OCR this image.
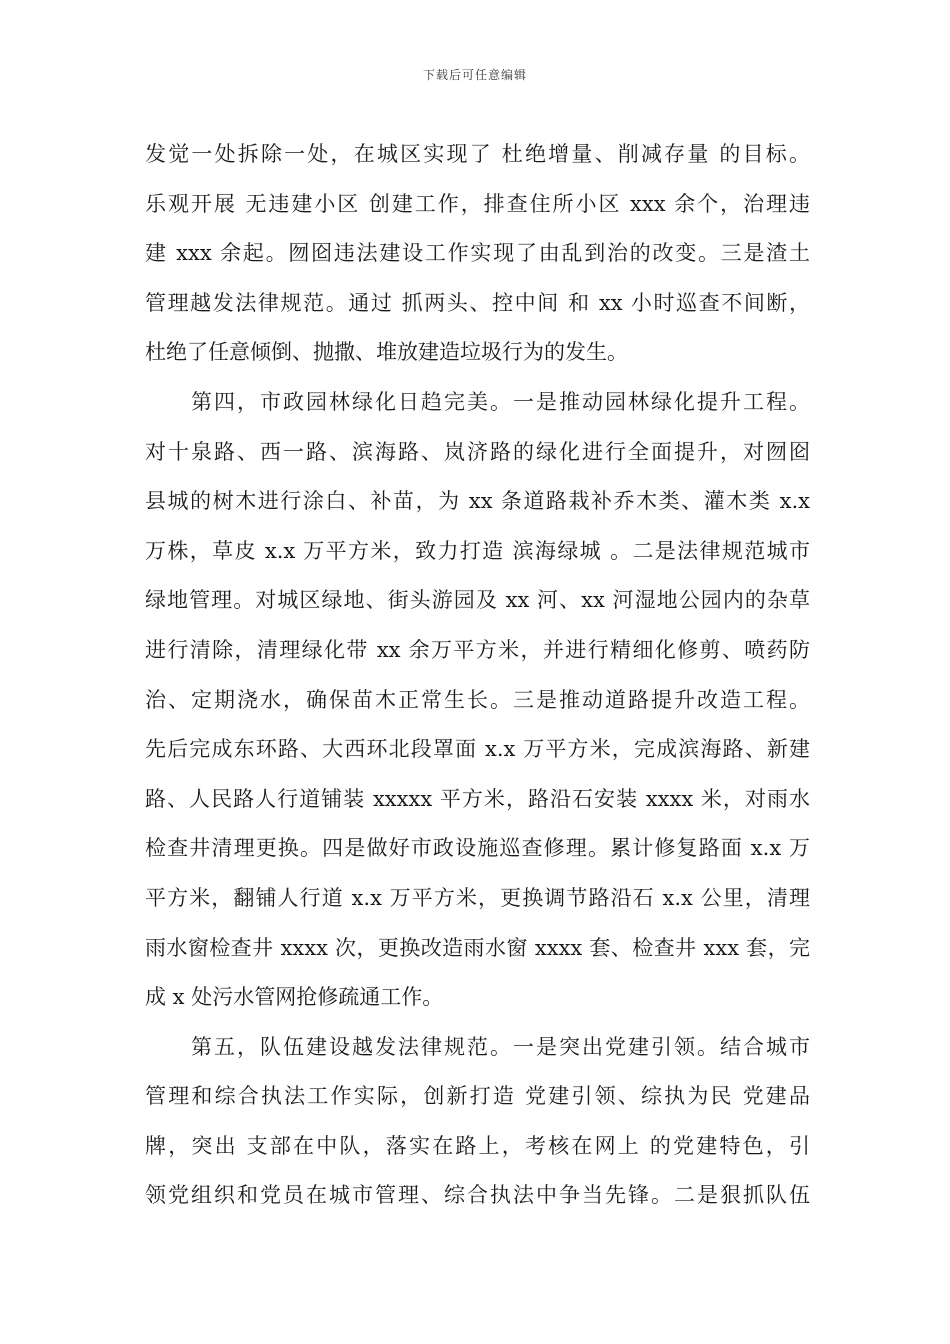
下载后可任意编辑
发觉一处拆除一处，在城区实现了 杜绝增量、削减存量 的目标。
乐观开展 无违建小区 创建工作，排查住所小区 xxx 余个，治理违
建 xxx 余起。囫囵违法建设工作实现了由乱到治的改变。三是渣土
管理越发法律规范。通过 抓两头、控中间 和 xx 小时巡查不间断，
杜绝了任意倾倒、抛撒、堆放建造垃圾行为的发生。
　　第四，市政园林绿化日趋完美。一是推动园林绿化提升工程。
对十泉路、西一路、滨海路、岚济路的绿化进行全面提升，对囫囵
县城的树木进行涂白、补苗，为 xx 条道路栽补乔木类、灌木类 x.x
万株，草皮 x.x 万平方米，致力打造 滨海绿城 。二是法律规范城市
绿地管理。对城区绿地、街头游园及 xx 河、xx 河湿地公园内的杂草
进行清除，清理绿化带 xx 余万平方米，并进行精细化修剪、喷药防
治、定期浇水，确保苗木正常生长。三是推动道路提升改造工程。
先后完成东环路、大西环北段罩面 x.x 万平方米，完成滨海路、新建
路、人民路人行道铺装 xxxxx 平方米，路沿石安装 xxxx 米，对雨水
检查井清理更换。四是做好市政设施巡查修理。累计修复路面 x.x 万
平方米，翻铺人行道 x.x 万平方米，更换调节路沿石 x.x 公里，清理
雨水窗检查井 xxxx 次，更换改造雨水窗 xxxx 套、检查井 xxx 套，完
成 x 处污水管网抢修疏通工作。
　　第五，队伍建设越发法律规范。一是突出党建引领。结合城市
管理和综合执法工作实际，创新打造 党建引领、综执为民 党建品
牌，突出 支部在中队，落实在路上，考核在网上 的党建特色，引
领党组织和党员在城市管理、综合执法中争当先锋。二是狠抓队伍
